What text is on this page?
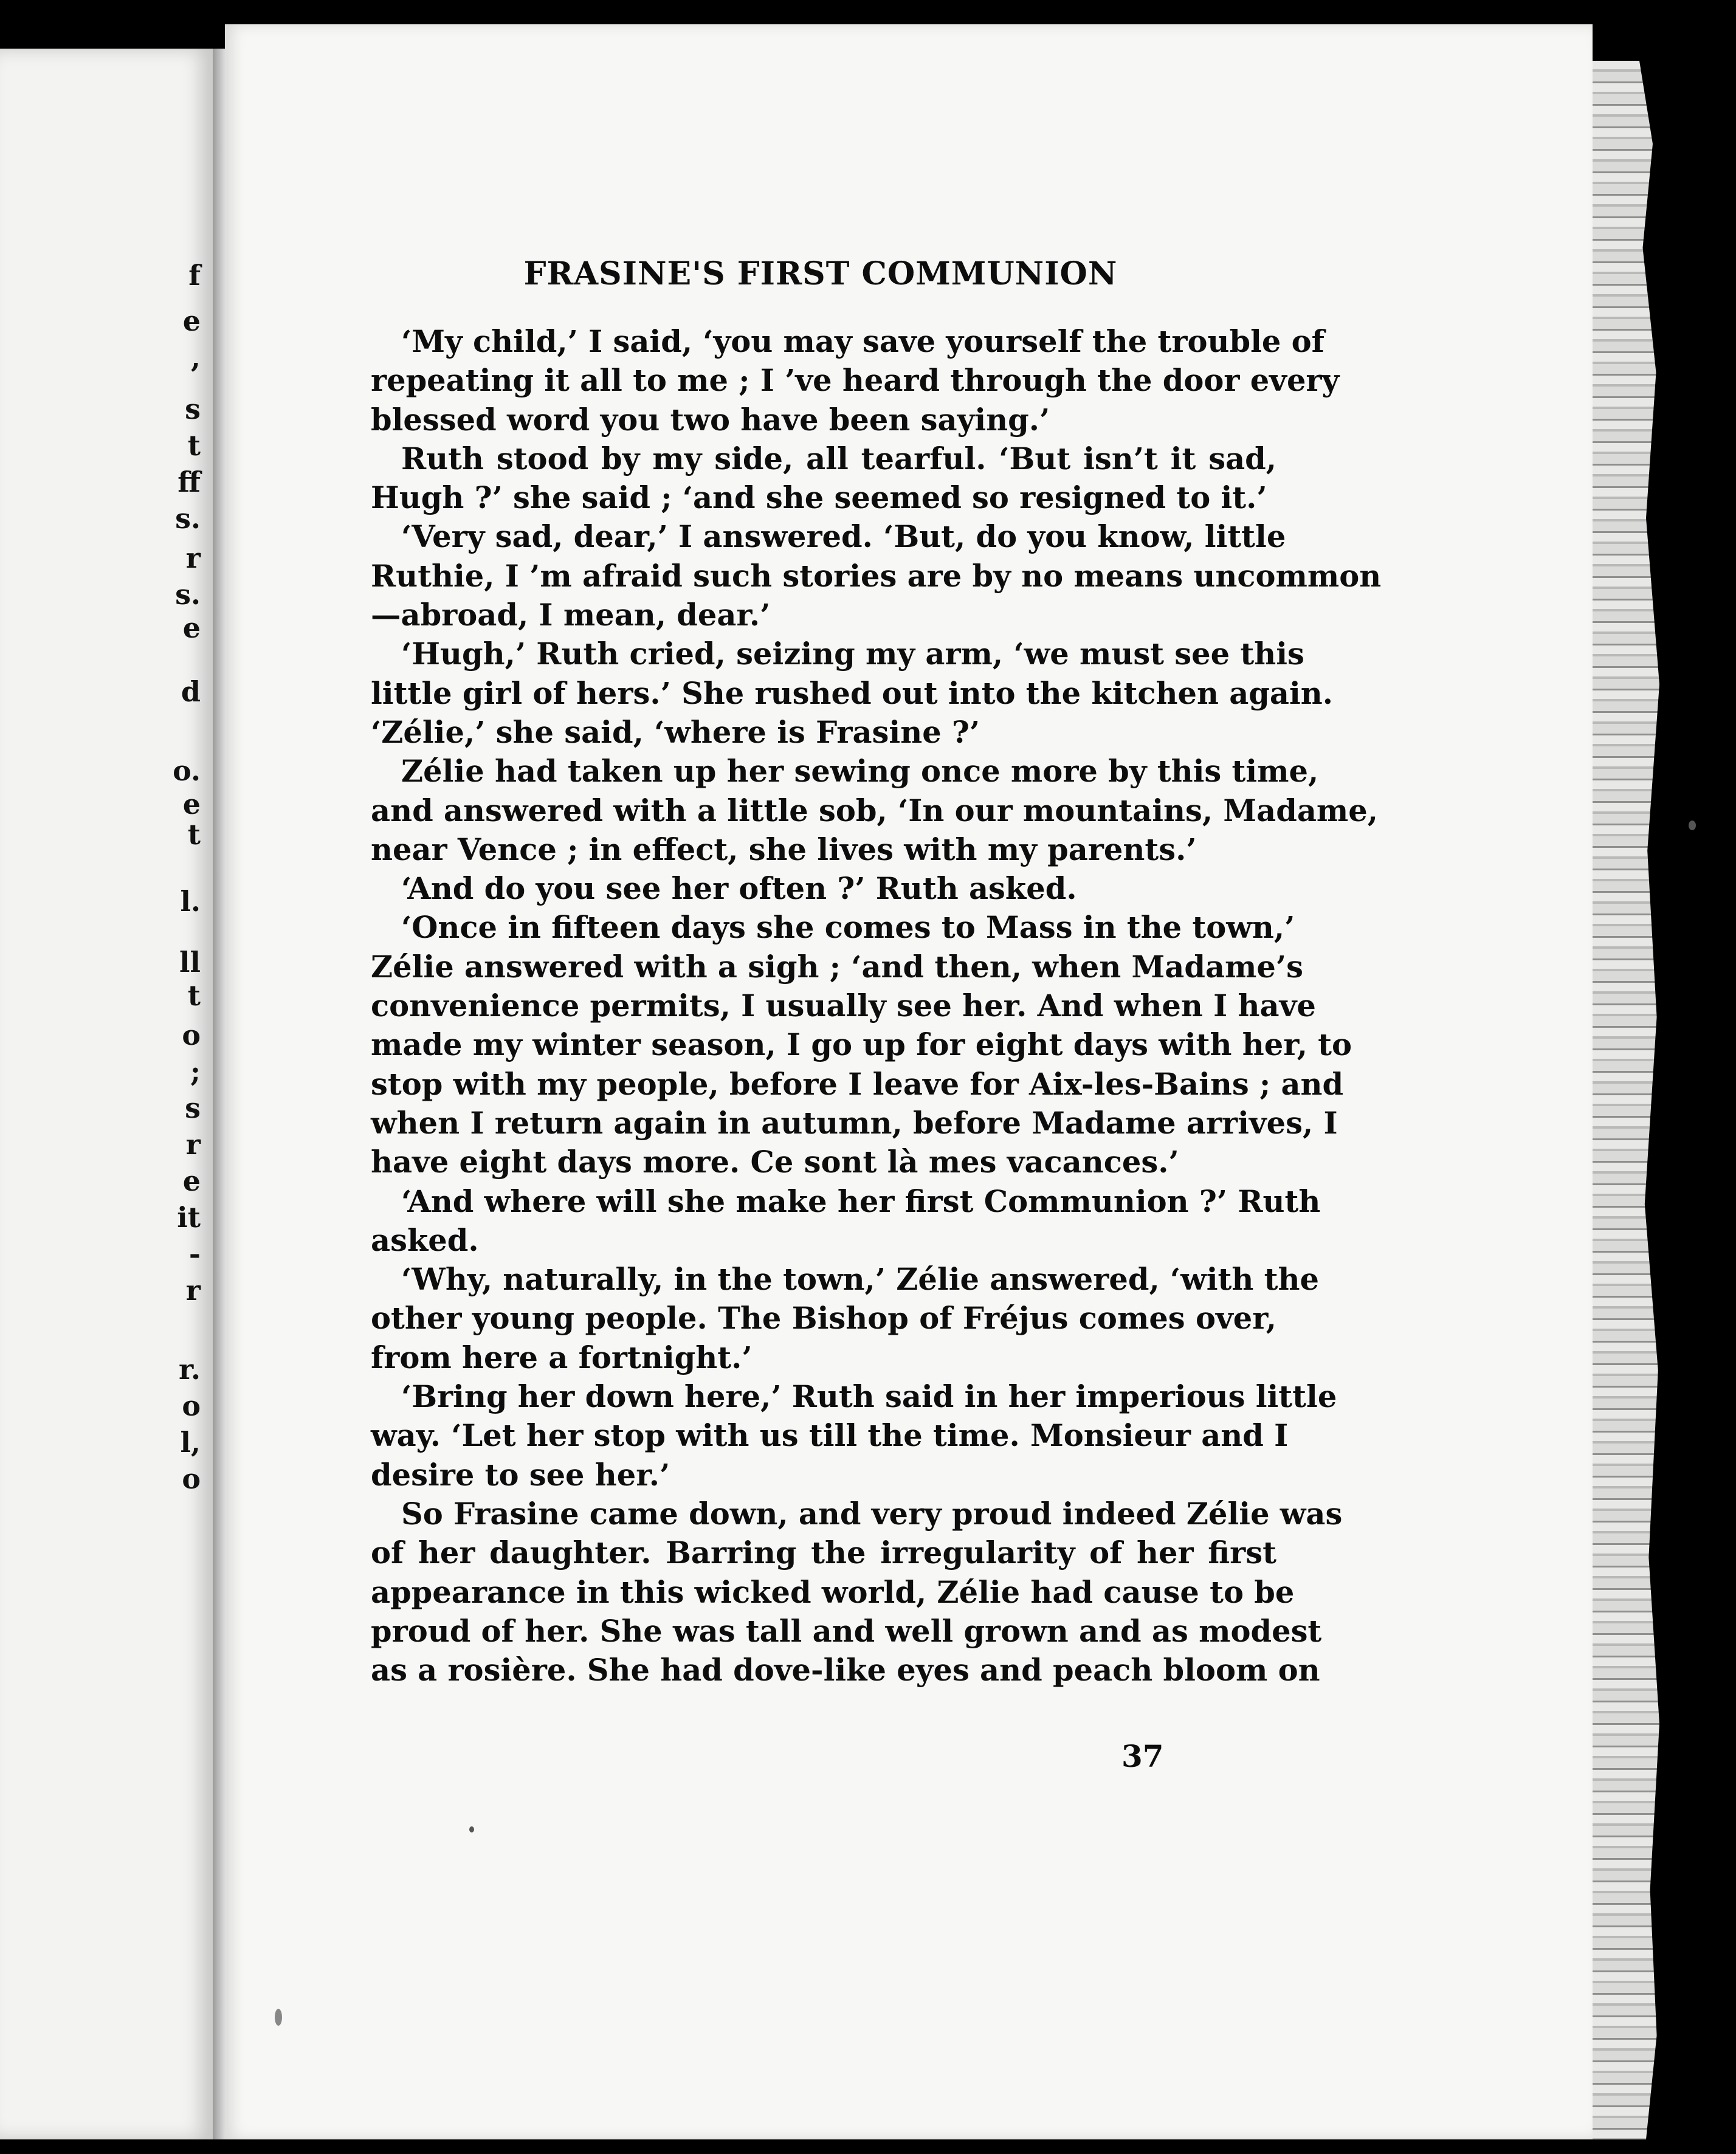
f
e
,
s
t
ff
s.
r
s.
e
d
o.
e
t
l.
ll
t
o
;
s
r
e
it
-
r
r.
o
l,
o
FRASINE'S FIRST COMMUNION
‘My child,’ I said, ‘you may save yourself the trouble of
repeating it all to me ; I ’ve heard through the door every
blessed word you two have been saying.’
Ruth stood by my side, all tearful. ‘But isn’t it sad,
Hugh ?’ she said ; ‘and she seemed so resigned to it.’
‘Very sad, dear,’ I answered. ‘But, do you know, little
Ruthie, I ’m afraid such stories are by no means uncommon
—abroad, I mean, dear.’
‘Hugh,’ Ruth cried, seizing my arm, ‘we must see this
little girl of hers.’ She rushed out into the kitchen again.
‘Zélie,’ she said, ‘where is Frasine ?’
Zélie had taken up her sewing once more by this time,
and answered with a little sob, ‘In our mountains, Madame,
near Vence ; in effect, she lives with my parents.’
‘And do you see her often ?’ Ruth asked.
‘Once in fifteen days she comes to Mass in the town,’
Zélie answered with a sigh ; ‘and then, when Madame’s
convenience permits, I usually see her. And when I have
made my winter season, I go up for eight days with her, to
stop with my people, before I leave for Aix-les-Bains ; and
when I return again in autumn, before Madame arrives, I
have eight days more. Ce sont là mes vacances.’
‘And where will she make her first Communion ?’ Ruth
asked.
‘Why, naturally, in the town,’ Zélie answered, ‘with the
other young people. The Bishop of Fréjus comes over,
from here a fortnight.’
‘Bring her down here,’ Ruth said in her imperious little
way. ‘Let her stop with us till the time. Monsieur and I
desire to see her.’
So Frasine came down, and very proud indeed Zélie was
of her daughter. Barring the irregularity of her first
appearance in this wicked world, Zélie had cause to be
proud of her. She was tall and well grown and as modest
as a rosière. She had dove-like eyes and peach bloom on
37
